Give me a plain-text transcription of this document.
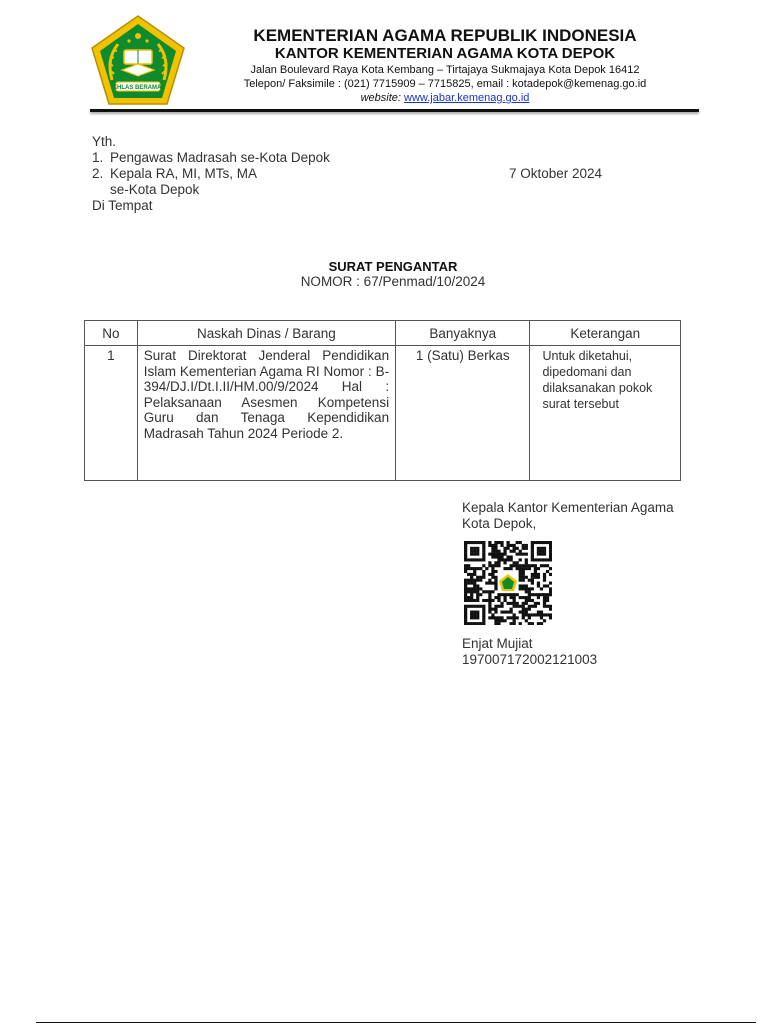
IKHLAS BERAMAL
KEMENTERIAN AGAMA REPUBLIK INDONESIA
KANTOR KEMENTERIAN AGAMA KOTA DEPOK
Jalan Boulevard Raya Kota Kembang – Tirtajaya Sukmajaya Kota Depok 16412
Telepon/ Faksimile : (021) 7715909 – 7715825, email : kotadepok@kemenag.go.id
website: www.jabar.kemenag.go.id
Yth.
1. Pengawas Madrasah se-Kota Depok
2. Kepala RA, MI, MTs, MA
se-Kota Depok
Di Tempat
7 Oktober 2024
SURAT PENGANTAR
NOMOR : 67/Penmad/10/2024
No	Naskah Dinas / Barang	Banyaknya	Keterangan
1	Surat Direktorat Jenderal Pendidikan Islam Kementerian Agama RI Nomor : B-394/DJ.I/Dt.I.II/HM.00/9/2024 Hal : Pelaksanaan Asesmen Kompetensi Guru dan Tenaga Kependidikan Madrasah Tahun 2024 Periode 2.	1 (Satu) Berkas	Untuk diketahui, dipedomani dan dilaksanakan pokok surat tersebut
Kepala Kantor Kementerian Agama
Kota Depok,
Enjat Mujiat
197007172002121003
